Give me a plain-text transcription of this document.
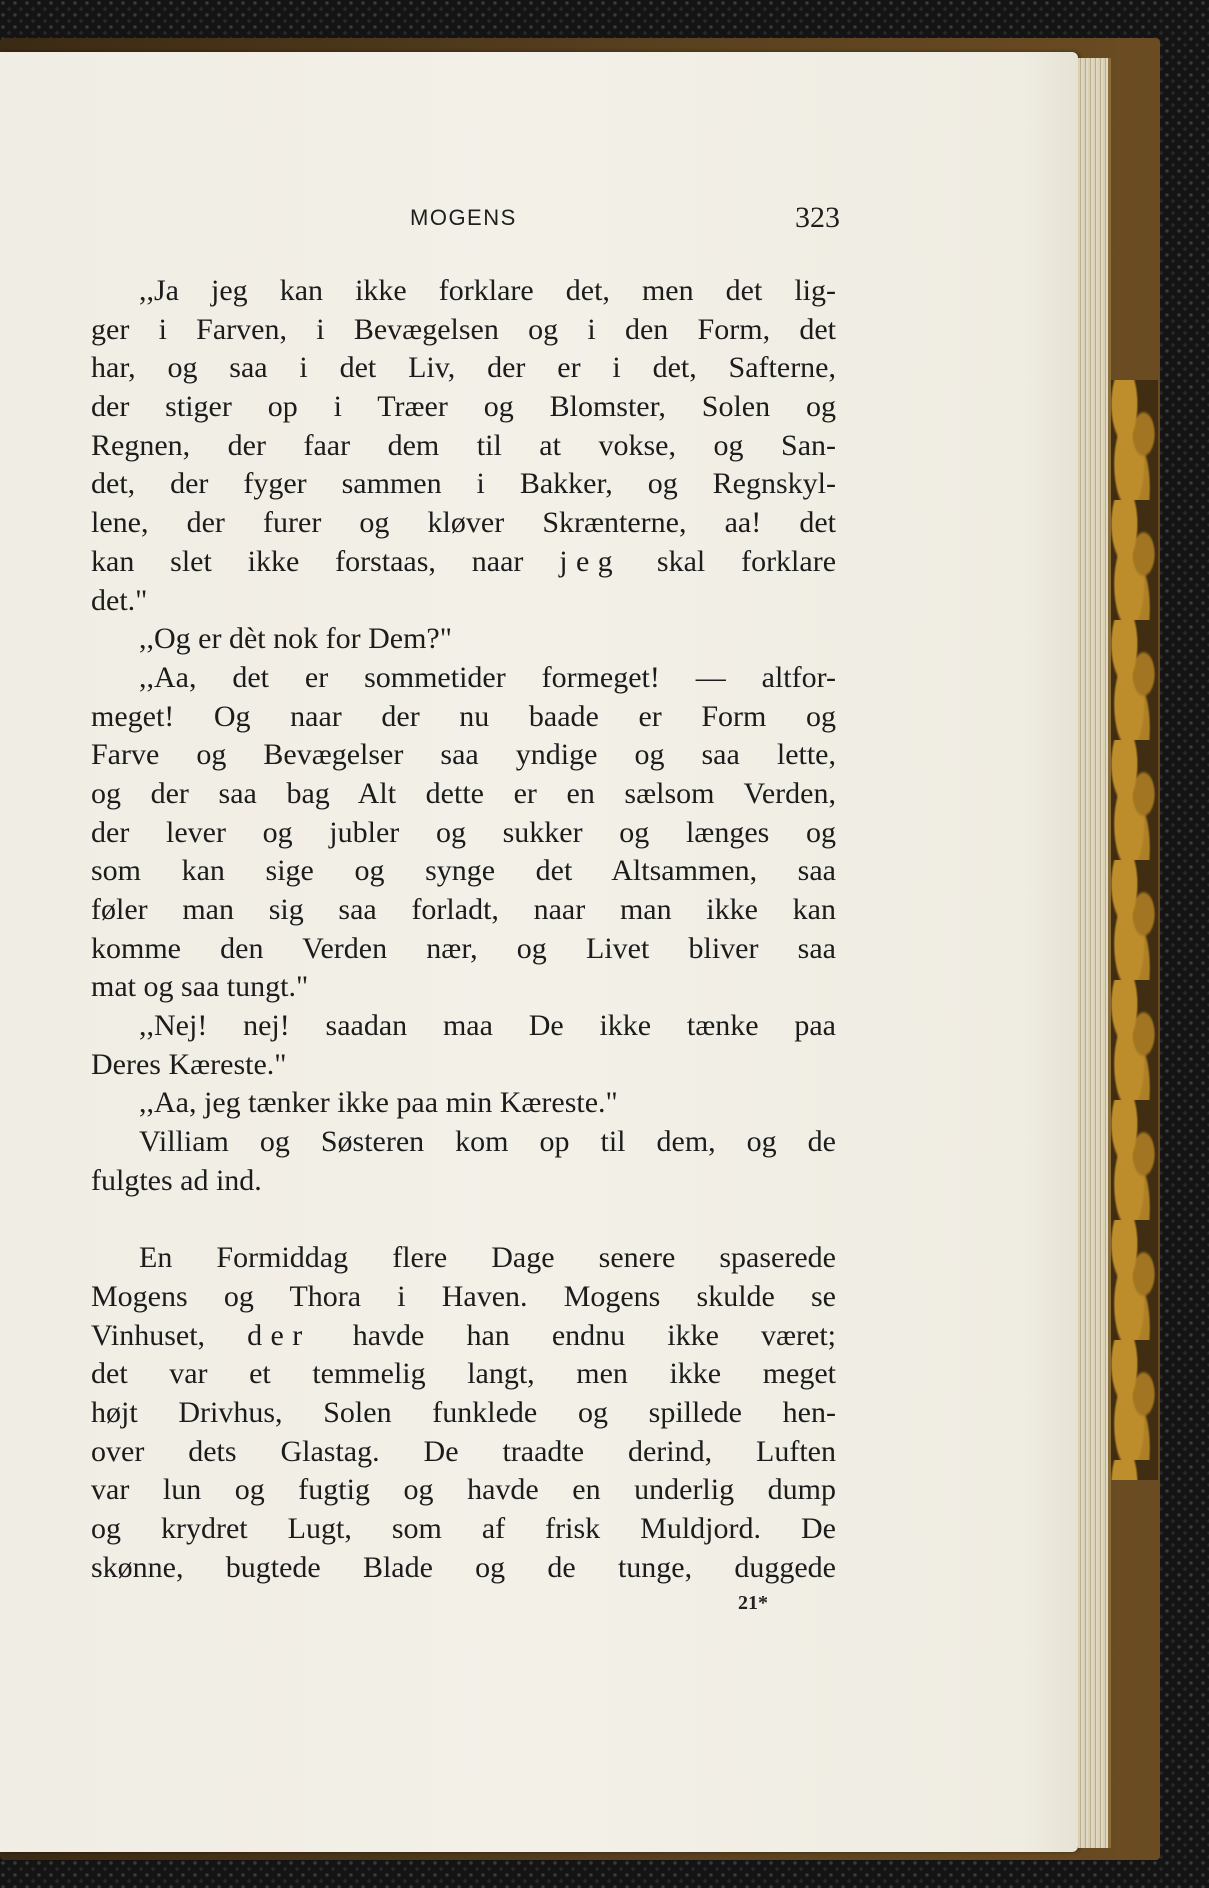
MOGENS	323
,,Ja jeg kan ikke forklare det, men det lig-
ger i Farven, i Bevægelsen og i den Form, det
har, og saa i det Liv, der er i det, Safterne,
der stiger op i Træer og Blomster, Solen og
Regnen, der faar dem til at vokse, og San-
det, der fyger sammen i Bakker, og Regnskyl-
lene, der furer og kløver Skrænterne, aa! det
kan slet ikke forstaas, naar jeg skal forklare
det."
,,Og er dèt nok for Dem?"
,,Aa, det er sommetider formeget! — altfor-
meget! Og naar der nu baade er Form og
Farve og Bevægelser saa yndige og saa lette,
og der saa bag Alt dette er en sælsom Verden,
der lever og jubler og sukker og længes og
som kan sige og synge det Altsammen, saa
føler man sig saa forladt, naar man ikke kan
komme den Verden nær, og Livet bliver saa
mat og saa tungt."
,,Nej! nej! saadan maa De ikke tænke paa
Deres Kæreste."
,,Aa, jeg tænker ikke paa min Kæreste."
Villiam og Søsteren kom op til dem, og de
fulgtes ad ind.
En Formiddag flere Dage senere spaserede
Mogens og Thora i Haven. Mogens skulde se
Vinhuset, der havde han endnu ikke været;
det var et temmelig langt, men ikke meget
højt Drivhus, Solen funklede og spillede hen-
over dets Glastag. De traadte derind, Luften
var lun og fugtig og havde en underlig dump
og krydret Lugt, som af frisk Muldjord. De
skønne, bugtede Blade og de tunge, duggede
21*
